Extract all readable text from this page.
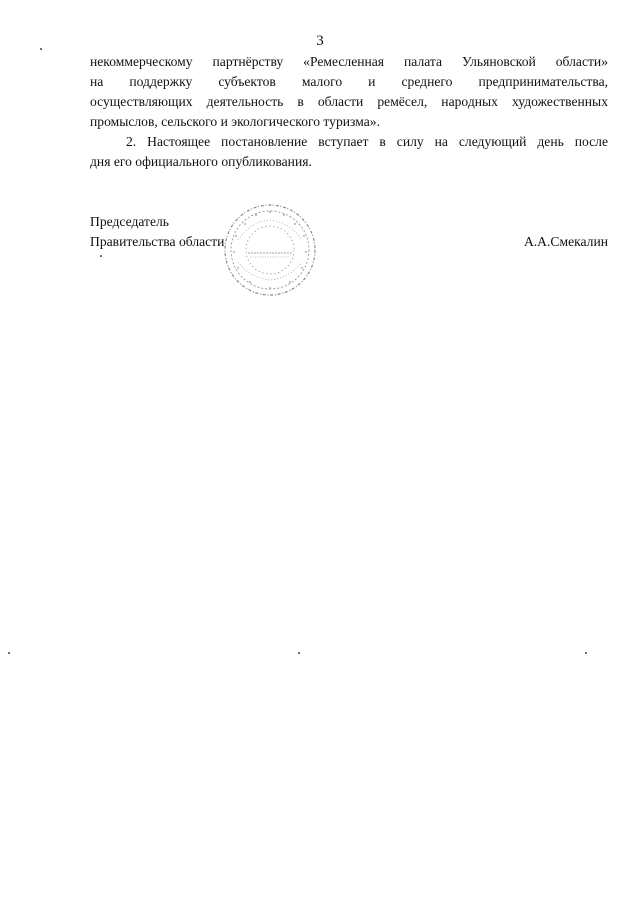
3

некоммерческому партнёрству «Ремесленная палата Ульяновской области»

на поддержку субъектов малого и среднего предпринимательства,

осуществляющих деятельность в области ремёсел, народных художественных

промыслов, сельского и экологического туризма».

2. Настоящее постановление вступает в силу на следующий день после

дня его официального опубликования.

Председатель
Правительства области	А.А.Смекалин
